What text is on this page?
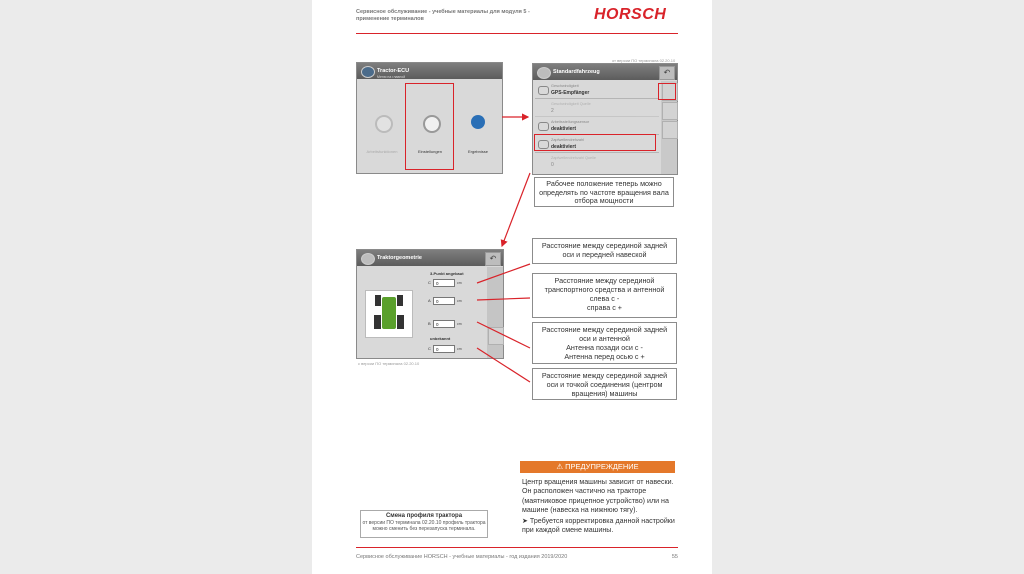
Сервисное обслуживание - учебные материалы для модуля 5 -
применение терминалов	HORSCH
от версии ПО терминала 02.20.10
Tractor-ECU
Меню на главной
Arbeitsfunktionen	Einstellungen	Ergebnisse
Standardfahrzeug	↶
Geschwindigkeit
GPS-Empfänger
Geschwindigkeit Quelle
2
Arbeitsstellungssensor
deaktiviert
Zapfwellendrehzahl
deaktiviert
Zapfwellendrehzahl Quelle
0
Рабочее положение теперь можно определять по частоте вращения вала отбора мощности
Traktorgeometrie	↶
3-Punkt angebaut
C	0	cm
A	0	cm
B	0	cm
unbekannt
C	0	cm
с версии ПО терминала 02.20.10
Расстояние между серединой задней оси и передней навеской
Расстояние между серединой транспортного средства и антенной
слева с -
справа с +
Расстояние между серединой задней оси и антенной
Антенна позади оси с -
Антенна перед осью с +
Расстояние между серединой задней оси и точкой соединения (центром вращения) машины
⚠ ПРЕДУПРЕЖДЕНИЕ
Центр вращения машины зависит от навески. Он расположен частично на тракторе (маятниковое прицепное устройство) или на машине (навеска на нижнюю тягу).
➤ Требуется корректировка данной настройки при каждой смене машины.
Смена профиля трактора
от версии ПО терминала 02.20.10 профиль трактора можно сменить без перезапуска терминала.
Сервисное обслуживание HORSCH - учебные материалы - год издания 2019/2020	55
